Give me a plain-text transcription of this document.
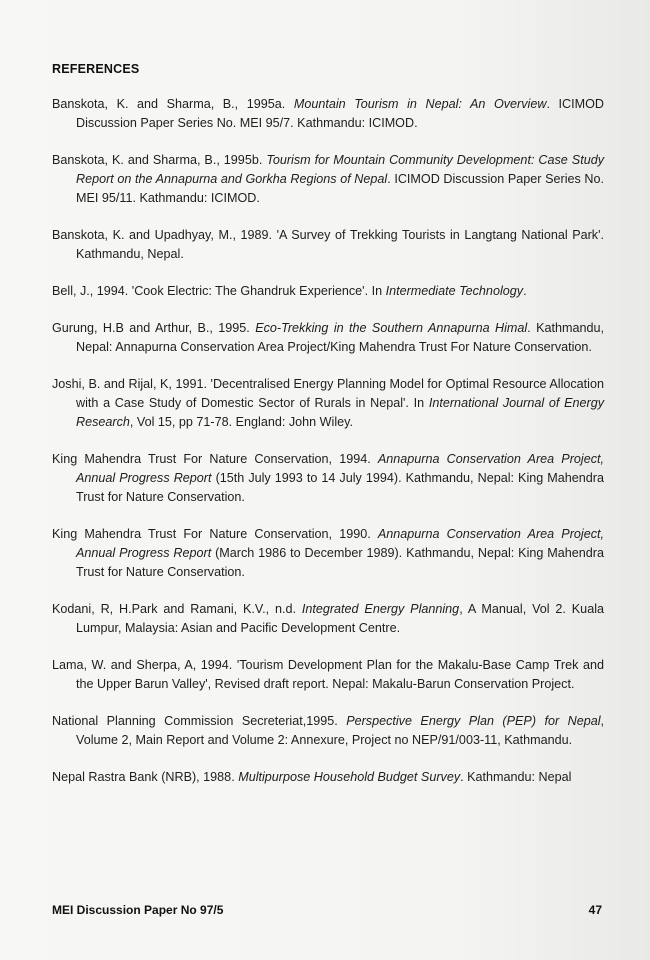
REFERENCES

Banskota, K. and Sharma, B., 1995a. Mountain Tourism in Nepal: An Overview. ICIMOD Discussion Paper Series No. MEI 95/7. Kathmandu: ICIMOD.

Banskota, K. and Sharma, B., 1995b. Tourism for Mountain Community Development: Case Study Report on the Annapurna and Gorkha Regions of Nepal. ICIMOD Discussion Paper Series No. MEI 95/11. Kathmandu: ICIMOD.

Banskota, K. and Upadhyay, M., 1989. 'A Survey of Trekking Tourists in Langtang National Park'. Kathmandu, Nepal.

Bell, J., 1994. 'Cook Electric: The Ghandruk Experience'. In Intermediate Technology.

Gurung, H.B and Arthur, B., 1995. Eco-Trekking in the Southern Annapurna Himal. Kathmandu, Nepal: Annapurna Conservation Area Project/King Mahendra Trust For Nature Conservation.

Joshi, B. and Rijal, K, 1991. 'Decentralised Energy Planning Model for Optimal Resource Allocation with a Case Study of Domestic Sector of Rurals in Nepal'. In International Journal of Energy Research, Vol 15, pp 71-78. England: John Wiley.

King Mahendra Trust For Nature Conservation, 1994. Annapurna Conservation Area Project, Annual Progress Report (15th July 1993 to 14 July 1994). Kathmandu, Nepal: King Mahendra Trust for Nature Conservation.

King Mahendra Trust For Nature Conservation, 1990. Annapurna Conservation Area Project, Annual Progress Report (March 1986 to December 1989). Kathmandu, Nepal: King Mahendra Trust for Nature Conservation.

Kodani, R, H.Park and Ramani, K.V., n.d. Integrated Energy Planning, A Manual, Vol 2. Kuala Lumpur, Malaysia: Asian and Pacific Development Centre.

Lama, W. and Sherpa, A, 1994. 'Tourism Development Plan for the Makalu-Base Camp Trek and the Upper Barun Valley', Revised draft report. Nepal: Makalu-Barun Conservation Project.

National Planning Commission Secreteriat,1995. Perspective Energy Plan (PEP) for Nepal, Volume 2, Main Report and Volume 2: Annexure, Project no NEP/91/003-11, Kathmandu.

Nepal Rastra Bank (NRB), 1988. Multipurpose Household Budget Survey. Kathmandu: Nepal

MEI Discussion Paper No 97/5	47
